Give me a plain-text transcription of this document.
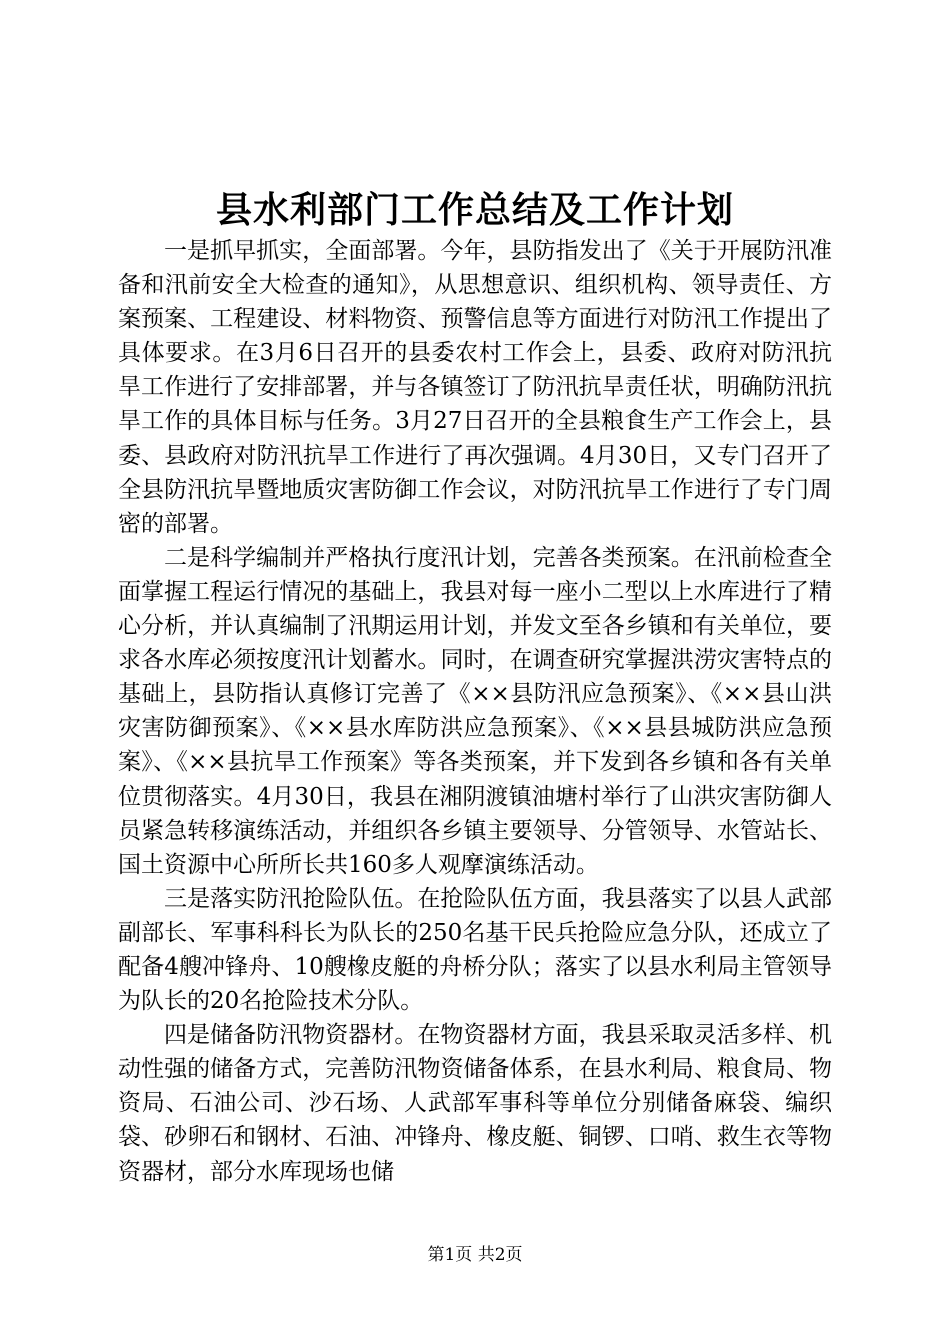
县水利部门工作总结及工作计划

一是抓早抓实，全面部署。今年，县防指发出了《关于开展防汛准备和汛前安全大检查的通知》，从思想意识、组织机构、领导责任、方案预案、工程建设、材料物资、预警信息等方面进行对防汛工作提出了具体要求。在3月6日召开的县委农村工作会上，县委、政府对防汛抗旱工作进行了安排部署，并与各镇签订了防汛抗旱责任状，明确防汛抗旱工作的具体目标与任务。3月27日召开的全县粮食生产工作会上，县委、县政府对防汛抗旱工作进行了再次强调。4月30日，又专门召开了全县防汛抗旱暨地质灾害防御工作会议，对防汛抗旱工作进行了专门周密的部署。

二是科学编制并严格执行度汛计划，完善各类预案。在汛前检查全面掌握工程运行情况的基础上，我县对每一座小二型以上水库进行了精心分析，并认真编制了汛期运用计划，并发文至各乡镇和有关单位，要求各水库必须按度汛计划蓄水。同时，在调查研究掌握洪涝灾害特点的基础上，县防指认真修订完善了《××县防汛应急预案》、《××县山洪灾害防御预案》、《××县水库防洪应急预案》、《××县县城防洪应急预案》、《××县抗旱工作预案》等各类预案，并下发到各乡镇和各有关单位贯彻落实。4月30日，我县在湘阴渡镇油塘村举行了山洪灾害防御人员紧急转移演练活动，并组织各乡镇主要领导、分管领导、水管站长、国土资源中心所所长共160多人观摩演练活动。

三是落实防汛抢险队伍。在抢险队伍方面，我县落实了以县人武部副部长、军事科科长为队长的250名基干民兵抢险应急分队，还成立了配备4艘冲锋舟、10艘橡皮艇的舟桥分队；落实了以县水利局主管领导为队长的20名抢险技术分队。

四是储备防汛物资器材。在物资器材方面，我县采取灵活多样、机动性强的储备方式，完善防汛物资储备体系，在县水利局、粮食局、物资局、石油公司、沙石场、人武部军事科等单位分别储备麻袋、编织袋、砂卵石和钢材、石油、冲锋舟、橡皮艇、铜锣、口哨、救生衣等物资器材，部分水库现场也储

第1页 共2页
